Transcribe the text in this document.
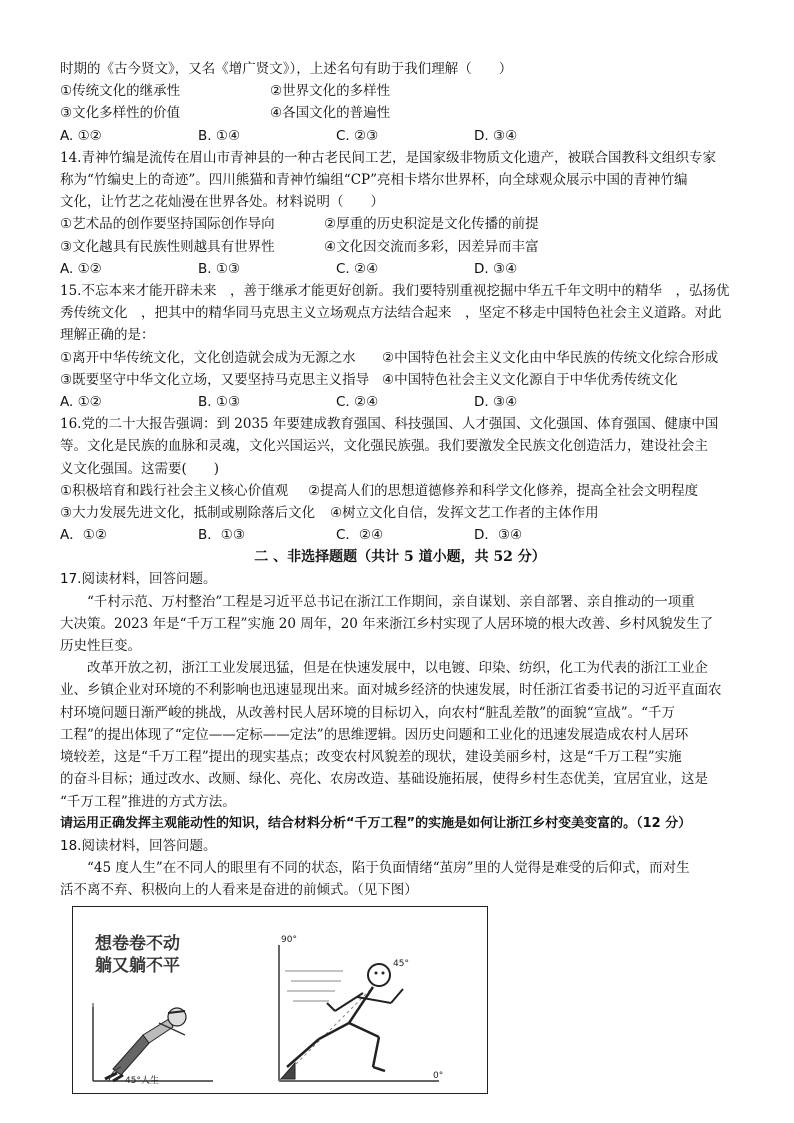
时期的《古今贤文》，又名《增广贤文》），上述名句有助于我们理解（　　）
①传统文化的继承性	②世界文化的多样性
③文化多样性的价值	④各国文化的普遍性
A. ①②	B. ①④	C. ②③	D. ③④
14.青神竹编是流传在眉山市青神县的一种古老民间工艺，是国家级非物质文化遗产，被联合国教科文组织专家
称为“竹编史上的奇迹”。四川熊猫和青神竹编组“CP”亮相卡塔尔世界杯，向全球观众展示中国的青神竹编
文化，让竹艺之花灿漫在世界各处。材料说明（　　）
①艺术品的创作要坚持国际创作导向	②厚重的历史积淀是文化传播的前提
③文化越具有民族性则越具有世界性	④文化因交流而多彩，因差异而丰富
A. ①②	B. ①③	C. ②④	D. ③④
15.不忘本来才能开辟未来　，善于继承才能更好创新。我们要特别重视挖掘中华五千年文明中的精华　，弘扬优
秀传统文化　，把其中的精华同马克思主义立场观点方法结合起来　，坚定不移走中国特色社会主义道路。对此
理解正确的是：
①离开中华传统文化，文化创造就会成为无源之水	②中国特色社会主义文化由中华民族的传统文化综合形成
③既要坚守中华文化立场，又要坚持马克思主义指导 ④中国特色社会主义文化源自于中华优秀传统文化
A. ①②	B. ①③	C. ②④	D. ③④
16.党的二十大报告强调：到 2035 年要建成教育强国、科技强国、人才强国、文化强国、体育强国、健康中国
等。文化是民族的血脉和灵魂，文化兴国运兴，文化强民族强。我们要激发全民族文化创造活力，建设社会主
义文化强国。这需要(　　)
①积极培育和践行社会主义核心价值观	②提高人们的思想道德修养和科学文化修养，提高全社会文明程度
③大力发展先进文化，抵制或剔除落后文化	④树立文化自信，发挥文艺工作者的主体作用
A．①②	B．①③	C．②④	D．③④
二 、非选择题题（共计 5 道小题，共 52 分）
17.阅读材料，回答问题。
“千村示范、万村整治”工程是习近平总书记在浙江工作期间，亲自谋划、亲自部署、亲自推动的一项重
大决策。2023 年是“千万工程”实施 20 周年，20 年来浙江乡村实现了人居环境的根大改善、乡村风貌发生了
历史性巨变。
改革开放之初，浙江工业发展迅猛，但是在快速发展中，以电镀、印染、纺织，化工为代表的浙江工业企
业、乡镇企业对环境的不利影响也迅速显现出来。面对城乡经济的快速发展，时任浙江省委书记的习近平直面农
村环境问题日渐严峻的挑战，从改善村民人居环境的目标切入，向农村“脏乱差散”的面貌“宣战”。“千万
工程”的提出体现了“定位——定标——定法”的思维逻辑。因历史问题和工业化的迅速发展造成农村人居环
境较差，这是“千万工程”提出的现实基点；改变农村风貌差的现状，建设美丽乡村，这是“千万工程”实施
的奋斗目标；通过改水、改厕、绿化、亮化、农房改造、基础设施拓展，使得乡村生态优美，宜居宜业，这是
“千万工程”推进的方式方法。
请运用正确发挥主观能动性的知识，结合材料分析“千万工程”的实施是如何让浙江乡村变美变富的。（12 分）
18.阅读材料，回答问题。
“45 度人生”在不同人的眼里有不同的状态，陷于负面情绪“茧房”里的人觉得是难受的后仰式，而对生
活不离不弃、积极向上的人看来是奋进的前倾式。（见下图）
想卷卷不动
躺又躺不平
45°人生
90°
45°
0°
